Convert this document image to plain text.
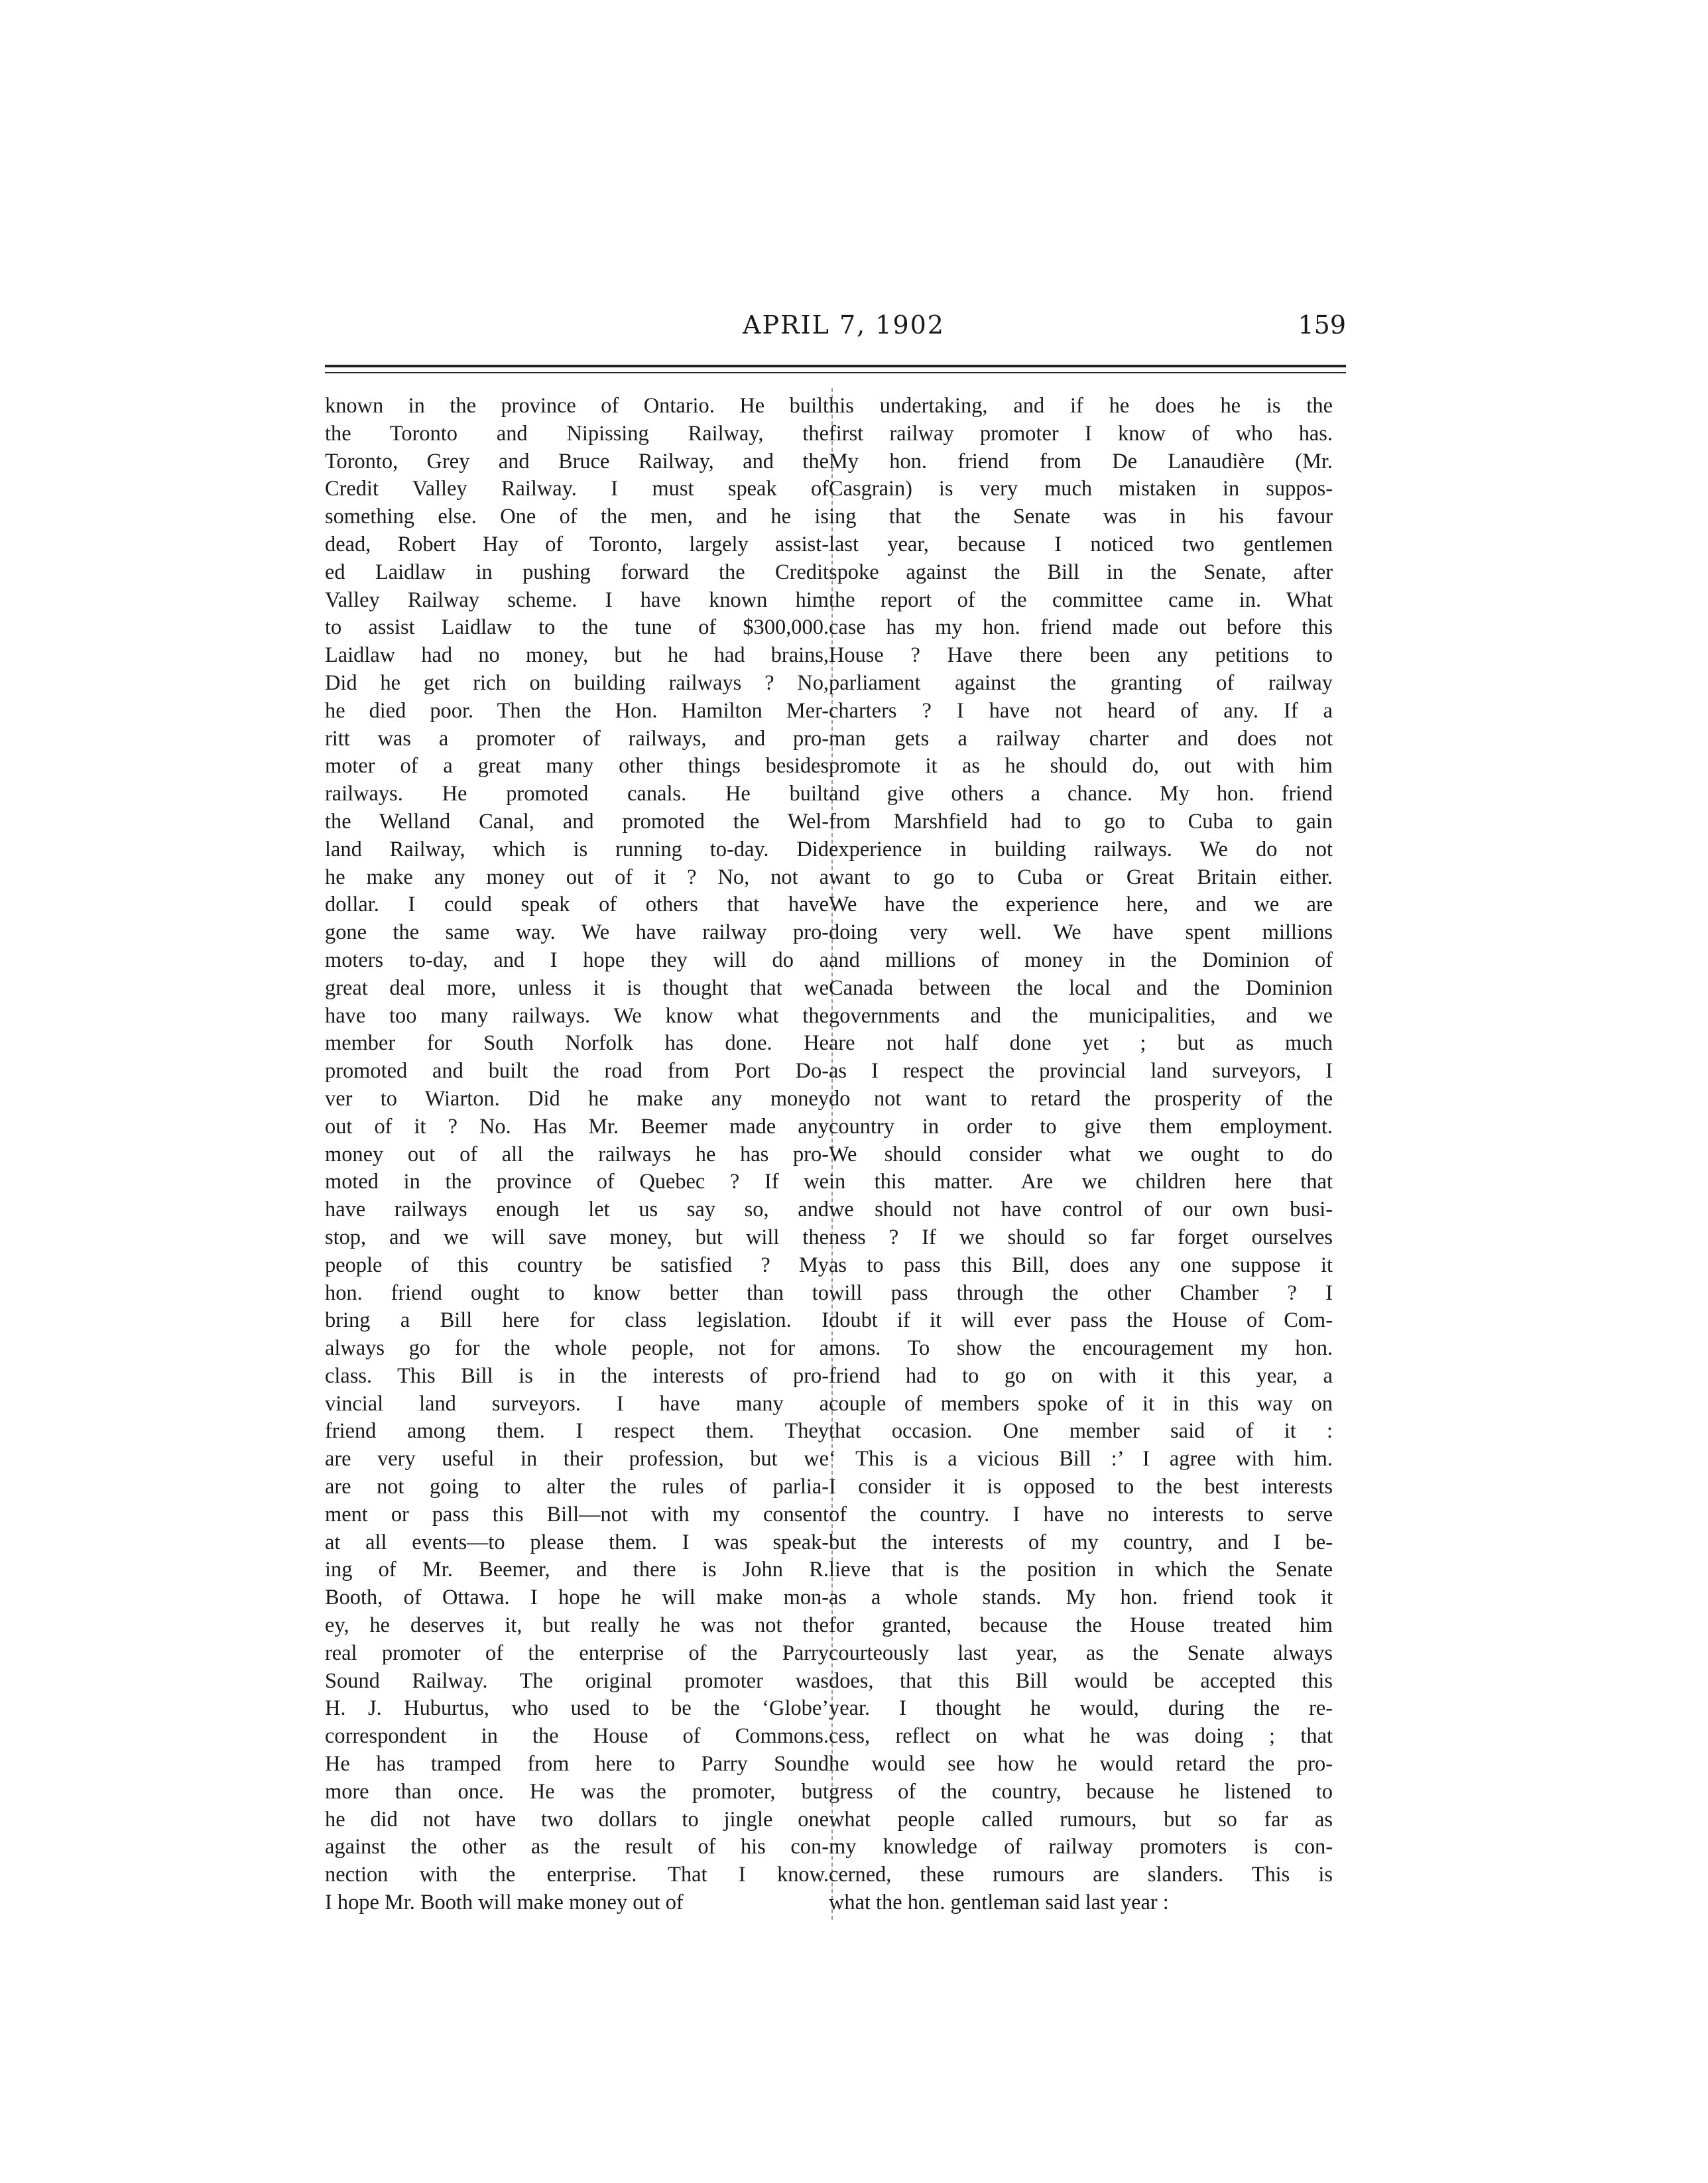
APRIL 7, 1902	159
known in the province of Ontario. He built
the Toronto and Nipissing Railway, the
Toronto, Grey and Bruce Railway, and the
Credit Valley Railway. I must speak of
something else. One of the men, and he is
dead, Robert Hay of Toronto, largely assist-
ed Laidlaw in pushing forward the Credit
Valley Railway scheme. I have known him
to assist Laidlaw to the tune of $300,000.
Laidlaw had no money, but he had brains,
Did he get rich on building railways ? No,
he died poor. Then the Hon. Hamilton Mer-
ritt was a promoter of railways, and pro-
moter of a great many other things besides
railways. He promoted canals. He built
the Welland Canal, and promoted the Wel-
land Railway, which is running to-day. Did
he make any money out of it ? No, not a
dollar. I could speak of others that have
gone the same way. We have railway pro-
moters to-day, and I hope they will do a
great deal more, unless it is thought that we
have too many railways. We know what the
member for South Norfolk has done. He
promoted and built the road from Port Do-
ver to Wiarton. Did he make any money
out of it ? No. Has Mr. Beemer made any
money out of all the railways he has pro-
moted in the province of Quebec ? If we
have railways enough let us say so, and
stop, and we will save money, but will the
people of this country be satisfied ? My
hon. friend ought to know better than to
bring a Bill here for class legislation. I
always go for the whole people, not for a
class. This Bill is in the interests of pro-
vincial land surveyors. I have many a
friend among them. I respect them. They
are very useful in their profession, but we
are not going to alter the rules of parlia-
ment or pass this Bill—not with my consent
at all events—to please them. I was speak-
ing of Mr. Beemer, and there is John R.
Booth, of Ottawa. I hope he will make mon-
ey, he deserves it, but really he was not the
real promoter of the enterprise of the Parry
Sound Railway. The original promoter was
H. J. Huburtus, who used to be the ‘Globe’
correspondent in the House of Commons.
He has tramped from here to Parry Sound
more than once. He was the promoter, but
he did not have two dollars to jingle one
against the other as the result of his con-
nection with the enterprise. That I know.
I hope Mr. Booth will make money out of
his undertaking, and if he does he is the
first railway promoter I know of who has.
My hon. friend from De Lanaudière (Mr.
Casgrain) is very much mistaken in suppos-
ing that the Senate was in his favour
last year, because I noticed two gentlemen
spoke against the Bill in the Senate, after
the report of the committee came in. What
case has my hon. friend made out before this
House ? Have there been any petitions to
parliament against the granting of railway
charters ? I have not heard of any. If a
man gets a railway charter and does not
promote it as he should do, out with him
and give others a chance. My hon. friend
from Marshfield had to go to Cuba to gain
experience in building railways. We do not
want to go to Cuba or Great Britain either.
We have the experience here, and we are
doing very well. We have spent millions
and millions of money in the Dominion of
Canada between the local and the Dominion
governments and the municipalities, and we
are not half done yet ; but as much
as I respect the provincial land surveyors, I
do not want to retard the prosperity of the
country in order to give them employment.
We should consider what we ought to do
in this matter. Are we children here that
we should not have control of our own busi-
ness ? If we should so far forget ourselves
as to pass this Bill, does any one suppose it
will pass through the other Chamber ? I
doubt if it will ever pass the House of Com-
mons. To show the encouragement my hon.
friend had to go on with it this year, a
couple of members spoke of it in this way on
that occasion. One member said of it :
‘ This is a vicious Bill :’ I agree with him.
I consider it is opposed to the best interests
of the country. I have no interests to serve
but the interests of my country, and I be-
lieve that is the position in which the Senate
as a whole stands. My hon. friend took it
for granted, because the House treated him
courteously last year, as the Senate always
does, that this Bill would be accepted this
year. I thought he would, during the re-
cess, reflect on what he was doing ; that
he would see how he would retard the pro-
gress of the country, because he listened to
what people called rumours, but so far as
my knowledge of railway promoters is con-
cerned, these rumours are slanders. This is
what the hon. gentleman said last year :
